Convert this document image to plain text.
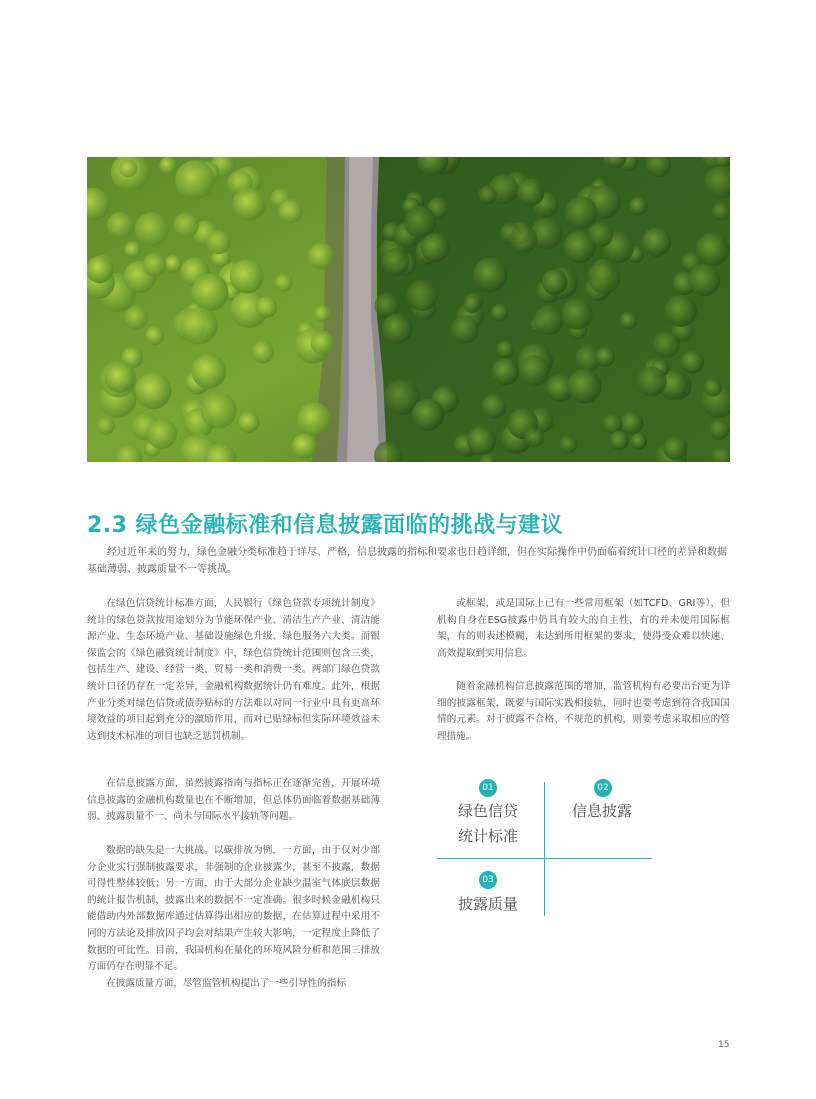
2.3 绿色金融标准和信息披露面临的挑战与建议

经过近年来的努力，绿色金融分类标准趋于详尽、严格，信息披露的指标和要求也日趋详细，但在实际操作中仍面临着统计口径的差异和数据基础薄弱、披露质量不一等挑战。

在绿色信贷统计标准方面，人民银行《绿色贷款专项统计制度》统计的绿色贷款按用途划分为节能环保产业、清洁生产产业、清洁能源产业、生态环境产业、基础设施绿色升级、绿色服务六大类。而银保监会的《绿色融资统计制度》中，绿色信贷统计范围则包含三类，包括生产、建设、经营一类、贸易一类和消费一类。两部门绿色贷款统计口径仍存在一定差异，金融机构数据统计仍有难度。此外，根据产业分类对绿色信贷或债券贴标的方法难以对同一行业中具有更高环境效益的项目起到充分的激励作用，而对已贴绿标但实际环境效益未达到技术标准的项目也缺乏惩罚机制。

在信息披露方面，虽然披露指南与指标正在逐渐完善，开展环境信息披露的金融机构数量也在不断增加，但总体仍面临着数据基础薄弱、披露质量不一、尚未与国际水平接轨等问题。

数据的缺失是一大挑战。以碳排放为例，一方面，由于仅对少部分企业实行强制披露要求，非强制的企业披露少，甚至不披露，数据可得性整体较低；另一方面，由于大部分企业缺少温室气体底层数据的统计报告机制，披露出来的数据不一定准确。很多时候金融机构只能借助内外部数据库通过估算得出相应的数据，在估算过程中采用不同的方法论及排放因子均会对结果产生较大影响，一定程度上降低了数据的可比性。目前，我国机构在量化的环境风险分析和范围三排放方面仍存在明显不足。

在披露质量方面，尽管监管机构提出了一些引导性的指标

或框架，或是国际上已有一些常用框架（如TCFD、GRI等），但机构自身在ESG披露中仍具有较大的自主性，有的并未使用国际框架，有的则表述模糊，未达到所用框架的要求，使得受众难以快速、高效提取到实用信息。

随着金融机构信息披露范围的增加，监管机构有必要出台更为详细的披露框架，既要与国际实践相接轨，同时也要考虑到符合我国国情的元素。对于披露不合格、不规范的机构，则要考虑采取相应的管理措施。

01
绿色信贷
统计标准
02
信息披露
03
披露质量
15
